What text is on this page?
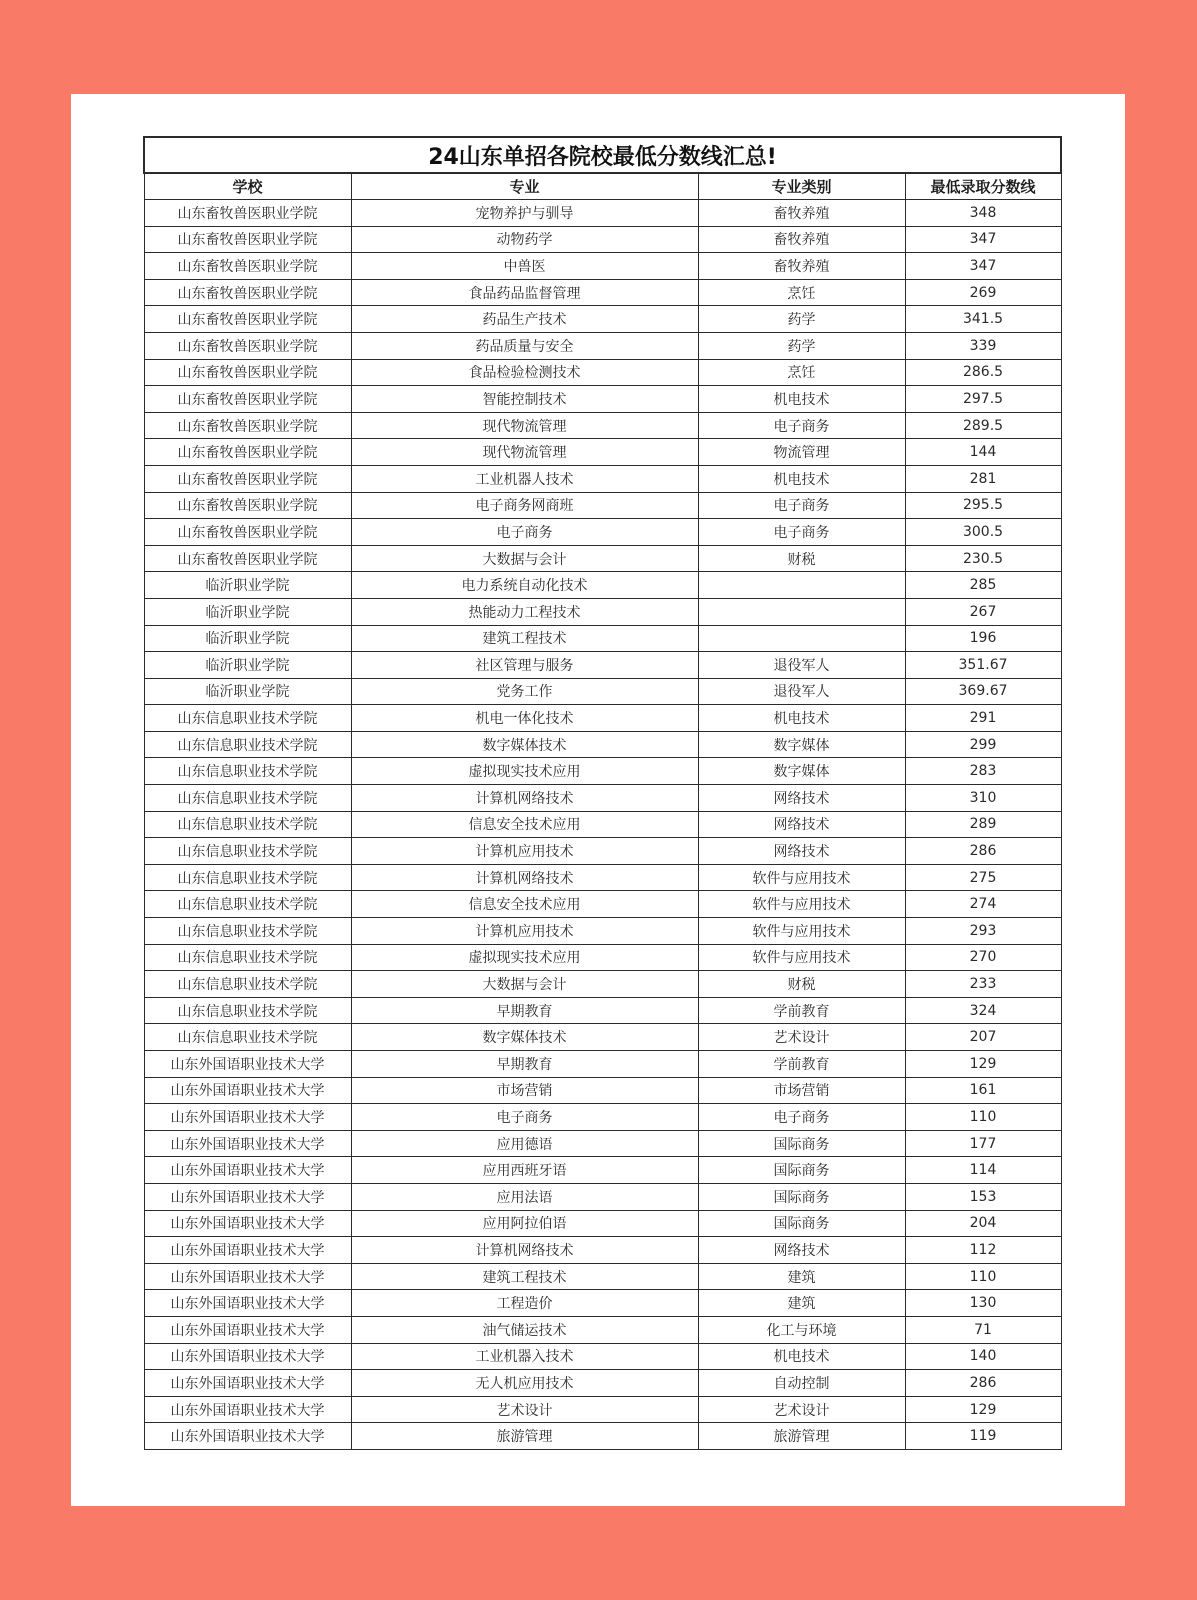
24山东单招各院校最低分数线汇总!			
学校	专业	专业类别	最低录取分数线
山东畜牧兽医职业学院	宠物养护与驯导	畜牧养殖	348
山东畜牧兽医职业学院	动物药学	畜牧养殖	347
山东畜牧兽医职业学院	中兽医	畜牧养殖	347
山东畜牧兽医职业学院	食品药品监督管理	烹饪	269
山东畜牧兽医职业学院	药品生产技术	药学	341.5
山东畜牧兽医职业学院	药品质量与安全	药学	339
山东畜牧兽医职业学院	食品检验检测技术	烹饪	286.5
山东畜牧兽医职业学院	智能控制技术	机电技术	297.5
山东畜牧兽医职业学院	现代物流管理	电子商务	289.5
山东畜牧兽医职业学院	现代物流管理	物流管理	144
山东畜牧兽医职业学院	工业机器人技术	机电技术	281
山东畜牧兽医职业学院	电子商务网商班	电子商务	295.5
山东畜牧兽医职业学院	电子商务	电子商务	300.5
山东畜牧兽医职业学院	大数据与会计	财税	230.5
临沂职业学院	电力系统自动化技术		285
临沂职业学院	热能动力工程技术		267
临沂职业学院	建筑工程技术		196
临沂职业学院	社区管理与服务	退役军人	351.67
临沂职业学院	党务工作	退役军人	369.67
山东信息职业技术学院	机电一体化技术	机电技术	291
山东信息职业技术学院	数字媒体技术	数字媒体	299
山东信息职业技术学院	虚拟现实技术应用	数字媒体	283
山东信息职业技术学院	计算机网络技术	网络技术	310
山东信息职业技术学院	信息安全技术应用	网络技术	289
山东信息职业技术学院	计算机应用技术	网络技术	286
山东信息职业技术学院	计算机网络技术	软件与应用技术	275
山东信息职业技术学院	信息安全技术应用	软件与应用技术	274
山东信息职业技术学院	计算机应用技术	软件与应用技术	293
山东信息职业技术学院	虚拟现实技术应用	软件与应用技术	270
山东信息职业技术学院	大数据与会计	财税	233
山东信息职业技术学院	早期教育	学前教育	324
山东信息职业技术学院	数字媒体技术	艺术设计	207
山东外国语职业技术大学	早期教育	学前教育	129
山东外国语职业技术大学	市场营销	市场营销	161
山东外国语职业技术大学	电子商务	电子商务	110
山东外国语职业技术大学	应用德语	国际商务	177
山东外国语职业技术大学	应用西班牙语	国际商务	114
山东外国语职业技术大学	应用法语	国际商务	153
山东外国语职业技术大学	应用阿拉伯语	国际商务	204
山东外国语职业技术大学	计算机网络技术	网络技术	112
山东外国语职业技术大学	建筑工程技术	建筑	110
山东外国语职业技术大学	工程造价	建筑	130
山东外国语职业技术大学	油气储运技术	化工与环境	71
山东外国语职业技术大学	工业机器入技术	机电技术	140
山东外国语职业技术大学	无人机应用技术	自动控制	286
山东外国语职业技术大学	艺术设计	艺术设计	129
山东外国语职业技术大学	旅游管理	旅游管理	119
